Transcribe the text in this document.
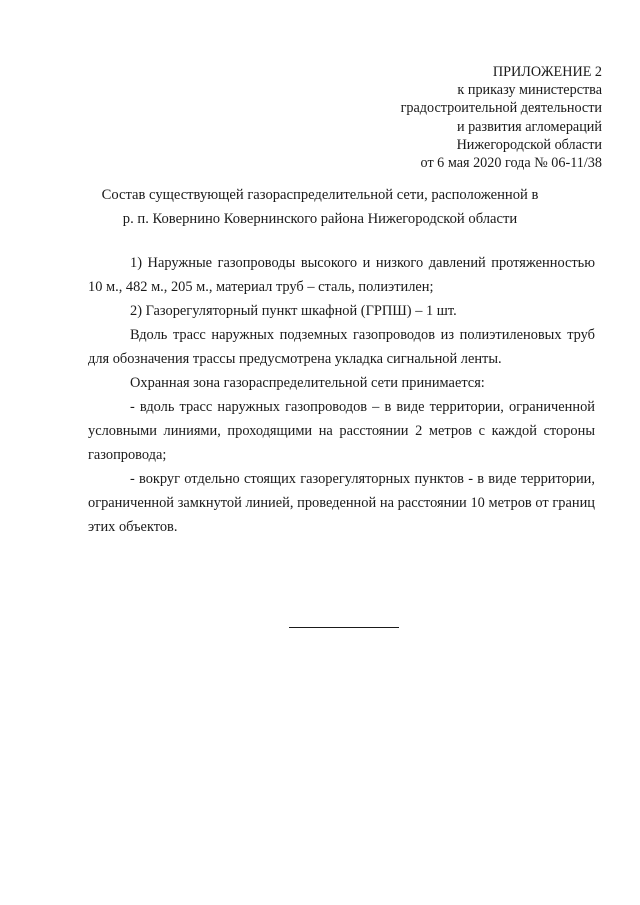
ПРИЛОЖЕНИЕ 2
к приказу министерства
градостроительной деятельности
и развития агломераций
Нижегородской области
от 6 мая 2020 года № 06-11/38
Состав существующей газораспределительной сети, расположенной в
р. п. Ковернино Ковернинского района Нижегородской области

1) Наружные газопроводы высокого и низкого давлений протяженностью 10 м., 482 м., 205 м., материал труб – сталь, полиэтилен;

2) Газорегуляторный пункт шкафной (ГРПШ) – 1 шт.

Вдоль трасс наружных подземных газопроводов из полиэтиленовых труб для обозначения трассы предусмотрена укладка сигнальной ленты.

Охранная зона газораспределительной сети принимается:

- вдоль трасс наружных газопроводов – в виде территории, ограниченной условными линиями, проходящими на расстоянии 2 метров с каждой стороны газопровода;

- вокруг отдельно стоящих газорегуляторных пунктов - в виде территории, ограниченной замкнутой линией, проведенной на расстоянии 10 метров от границ этих объектов.
